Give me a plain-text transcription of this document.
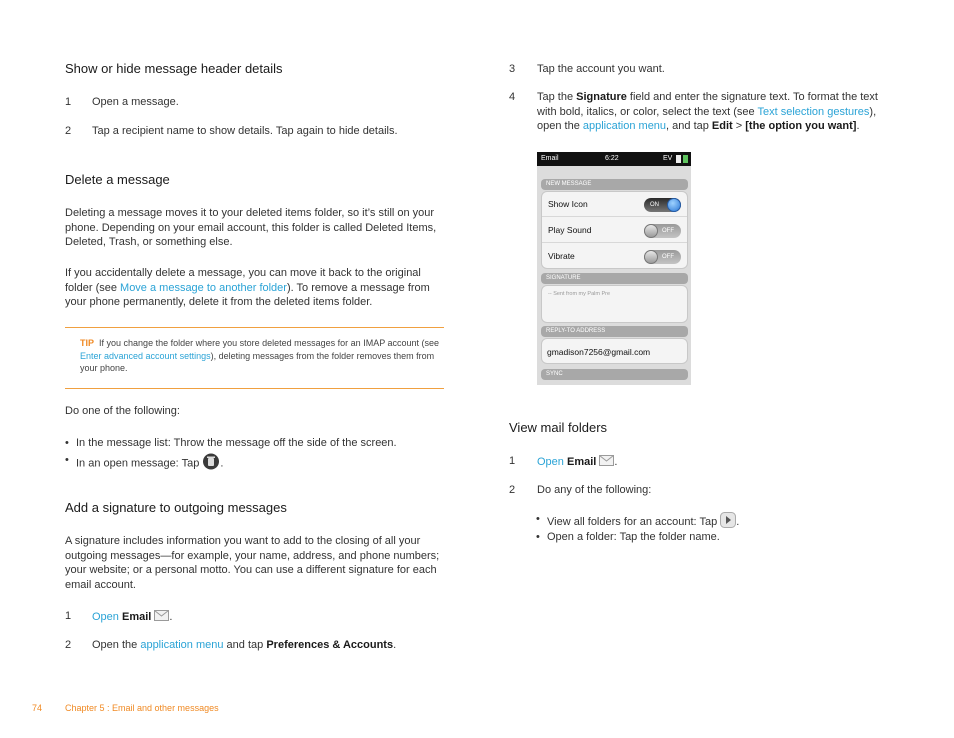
Show or hide message header details
1	Open a message.
2	Tap a recipient name to show details. Tap again to hide details.
Delete a message
Deleting a message moves it to your deleted items folder, so it’s still on your phone. Depending on your email account, this folder is called Deleted Items, Deleted, Trash, or something else.
If you accidentally delete a message, you can move it back to the original folder (see Move a message to another folder). To remove a message from your phone permanently, delete it from the deleted items folder.
TIP If you change the folder where you store deleted messages for an IMAP account (see Enter advanced account settings), deleting messages from the folder removes them from your phone.
Do one of the following:
• In the message list: Throw the message off the side of the screen.
• In an open message: Tap .
Add a signature to outgoing messages
A signature includes information you want to add to the closing of all your outgoing messages—for example, your name, address, and phone numbers; your website; or a personal motto. You can use a different signature for each email account.
1	Open Email .
2	Open the application menu and tap Preferences & Accounts.
3	Tap the account you want.
4	Tap the Signature field and enter the signature text. To format the text with bold, italics, or color, select the text (see Text selection gestures), open the application menu, and tap Edit > [the option you want].
Email	6:22	EV
NEW MESSAGE
Show Icon	ON
Play Sound	OFF
Vibrate	OFF
SIGNATURE
-- Sent from my Palm Pre
REPLY-TO ADDRESS
gmadison7256@gmail.com
SYNC
View mail folders
1	Open Email .
2	Do any of the following:
• View all folders for an account: Tap .
• Open a folder: Tap the folder name.
74	Chapter 5 : Email and other messages
